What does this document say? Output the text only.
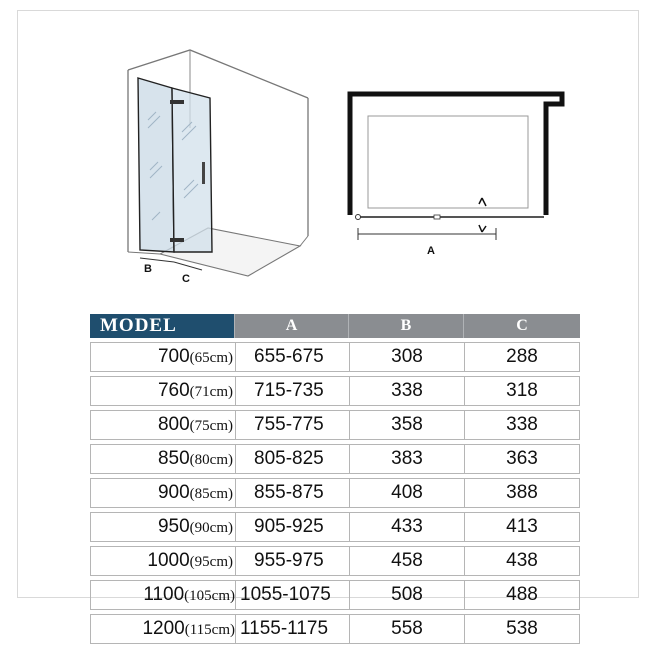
B
C
A
MODEL	A	B	C
700(65cm)	655-675	308	288
760(71cm)	715-735	338	318
800(75cm)	755-775	358	338
850(80cm)	805-825	383	363
900(85cm)	855-875	408	388
950(90cm)	905-925	433	413
1000(95cm)	955-975	458	438
1100(105cm)	1055-1075	508	488
1200(115cm)	1155-1175	558	538
